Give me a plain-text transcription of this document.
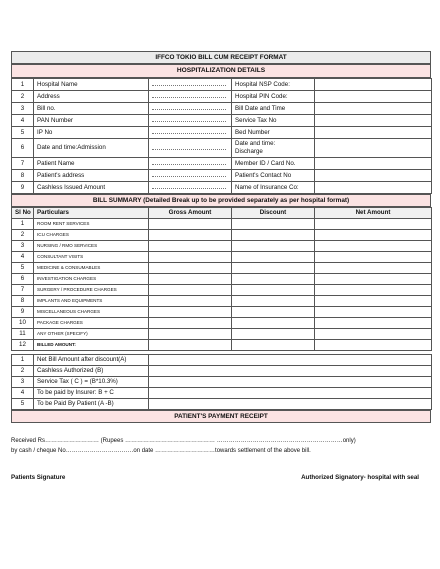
IFFCO TOKIO BILL CUM RECEIPT FORMAT
HOSPITALIZATION DETAILS
1	Hospital Name		Hospital NSP Code:	
2	Address		Hospital PIN Code:	
3	Bill no.		Bill Date and Time	
4	PAN Number		Service Tax No	
5	IP No		Bed Number	
6	Date and time:Admission		Date and time:
Discharge	
7	Patient Name		Member ID / Card No.	
8	Patient's address		Patient's Contact No	
9	Cashless Issued Amount		Name of Insurance Co:	
BILL SUMMARY (Detailed Break up to be provided separately as per hospital format)
Sl No	Particulars	Gross Amount	Discount	Net Amount
1	ROOM RENT SERVICES			
2	ICU CHARGES			
3	NURSING / RMO SERVICES			
4	CONSULTANT VISITS			
5	MEDICINE & CONSUMABLES			
6	INVESTIGATION CHARGES			
7	SURGERY / PROCEDURE CHARGES			
8	IMPLANTS AND EQUIPMENTS			
9	MISCELLANEOUS CHARGES			
10	PACKAGE CHARGES			
11	ANY OTHER (SPECIFY)			
12	BILLED AMOUNT:			
1	Net Bill Amount after discount(A)	
2	Cashless Authorized (B)	
3	Service Tax ( C ) = (B*10.3%)	
4	To be paid by Insurer: B + C	
5	To be Paid By Patient (A -B)	
PATIENT'S PAYMENT RECEIPT
Received Rs……………………… (Rupees ……………………………………… ………………………………………………………only)
by cash / cheque No……………………….……on date …………………………towards settlement of the above bill.
Patients Signature	Authorized Signatory- hospital with seal
